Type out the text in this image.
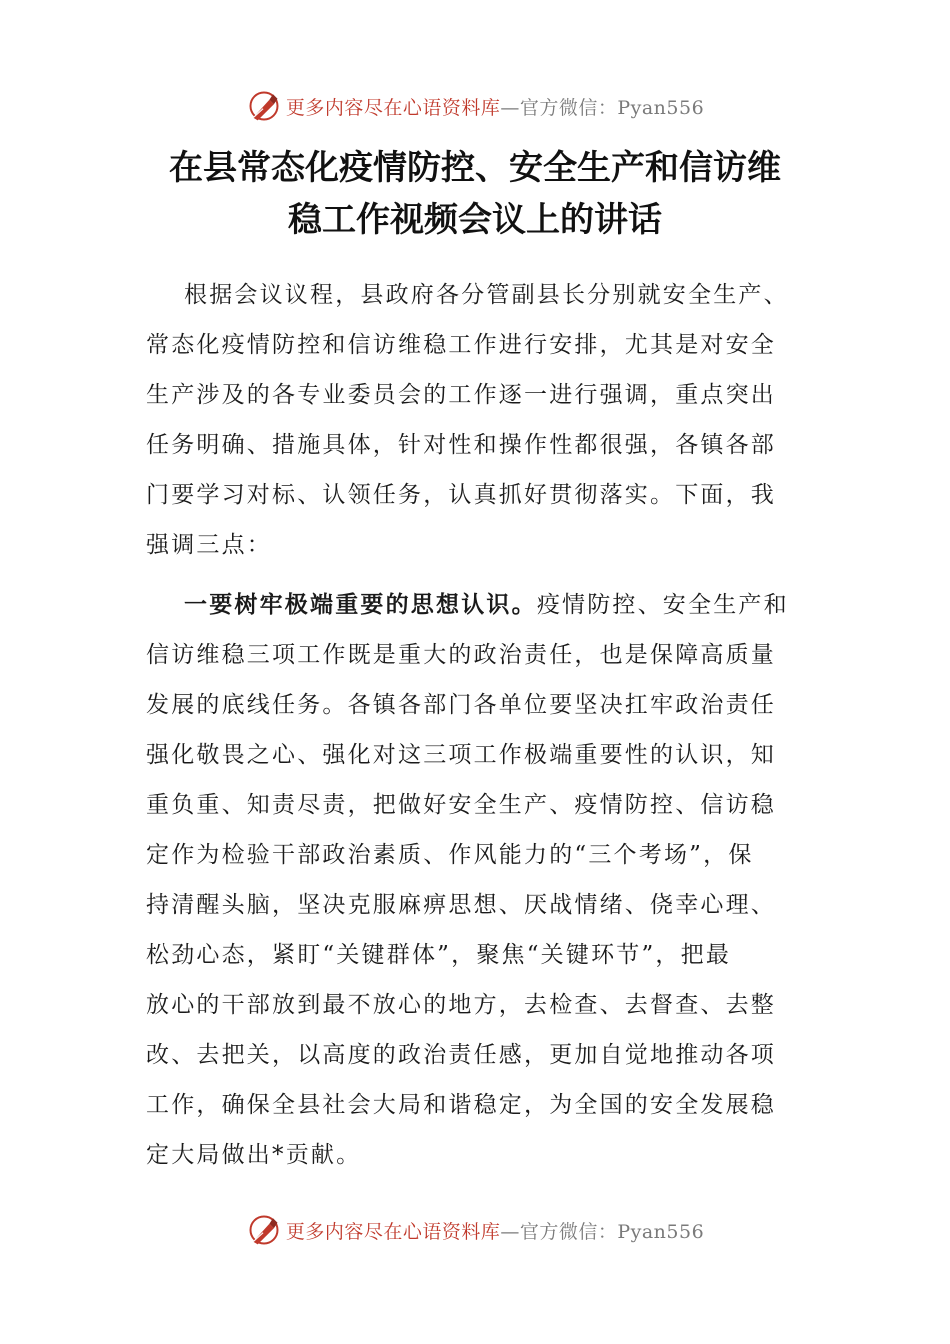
更多内容尽在心语资料库—官方微信：Pyan556
在县常态化疫情防控、安全生产和信访维
稳工作视频会议上的讲话
根据会议议程，县政府各分管副县长分别就安全生产、
常态化疫情防控和信访维稳工作进行安排，尤其是对安全
生产涉及的各专业委员会的工作逐一进行强调，重点突出
任务明确、措施具体，针对性和操作性都很强，各镇各部
门要学习对标、认领任务，认真抓好贯彻落实。下面，我
强调三点：
一要树牢极端重要的思想认识。疫情防控、安全生产和
信访维稳三项工作既是重大的政治责任，也是保障高质量
发展的底线任务。各镇各部门各单位要坚决扛牢政治责任
强化敬畏之心、强化对这三项工作极端重要性的认识，知
重负重、知责尽责，把做好安全生产、疫情防控、信访稳
定作为检验干部政治素质、作风能力的“三个考场”，保
持清醒头脑，坚决克服麻痹思想、厌战情绪、侥幸心理、
松劲心态，紧盯“关键群体”，聚焦“关键环节”，把最
放心的干部放到最不放心的地方，去检查、去督查、去整
改、去把关，以高度的政治责任感，更加自觉地推动各项
工作，确保全县社会大局和谐稳定，为全国的安全发展稳
定大局做出*贡献。
更多内容尽在心语资料库—官方微信：Pyan556
